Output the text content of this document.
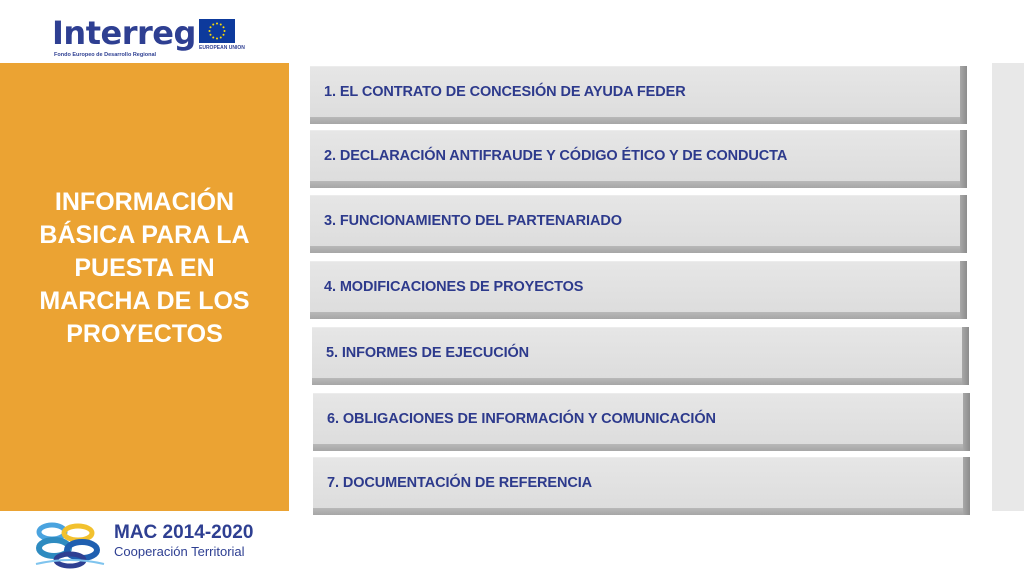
Interreg
Fondo Europeo de Desarrollo Regional
EUROPEAN UNION
INFORMACIÓN BÁSICA PARA LA PUESTA EN MARCHA DE LOS PROYECTOS
1. EL CONTRATO DE CONCESIÓN DE AYUDA FEDER
2. DECLARACIÓN ANTIFRAUDE Y CÓDIGO ÉTICO Y DE CONDUCTA
3. FUNCIONAMIENTO DEL PARTENARIADO
4. MODIFICACIONES DE PROYECTOS
5. INFORMES DE EJECUCIÓN
6. OBLIGACIONES DE INFORMACIÓN Y COMUNICACIÓN
7. DOCUMENTACIÓN DE REFERENCIA
MAC 2014-2020
Cooperación Territorial
